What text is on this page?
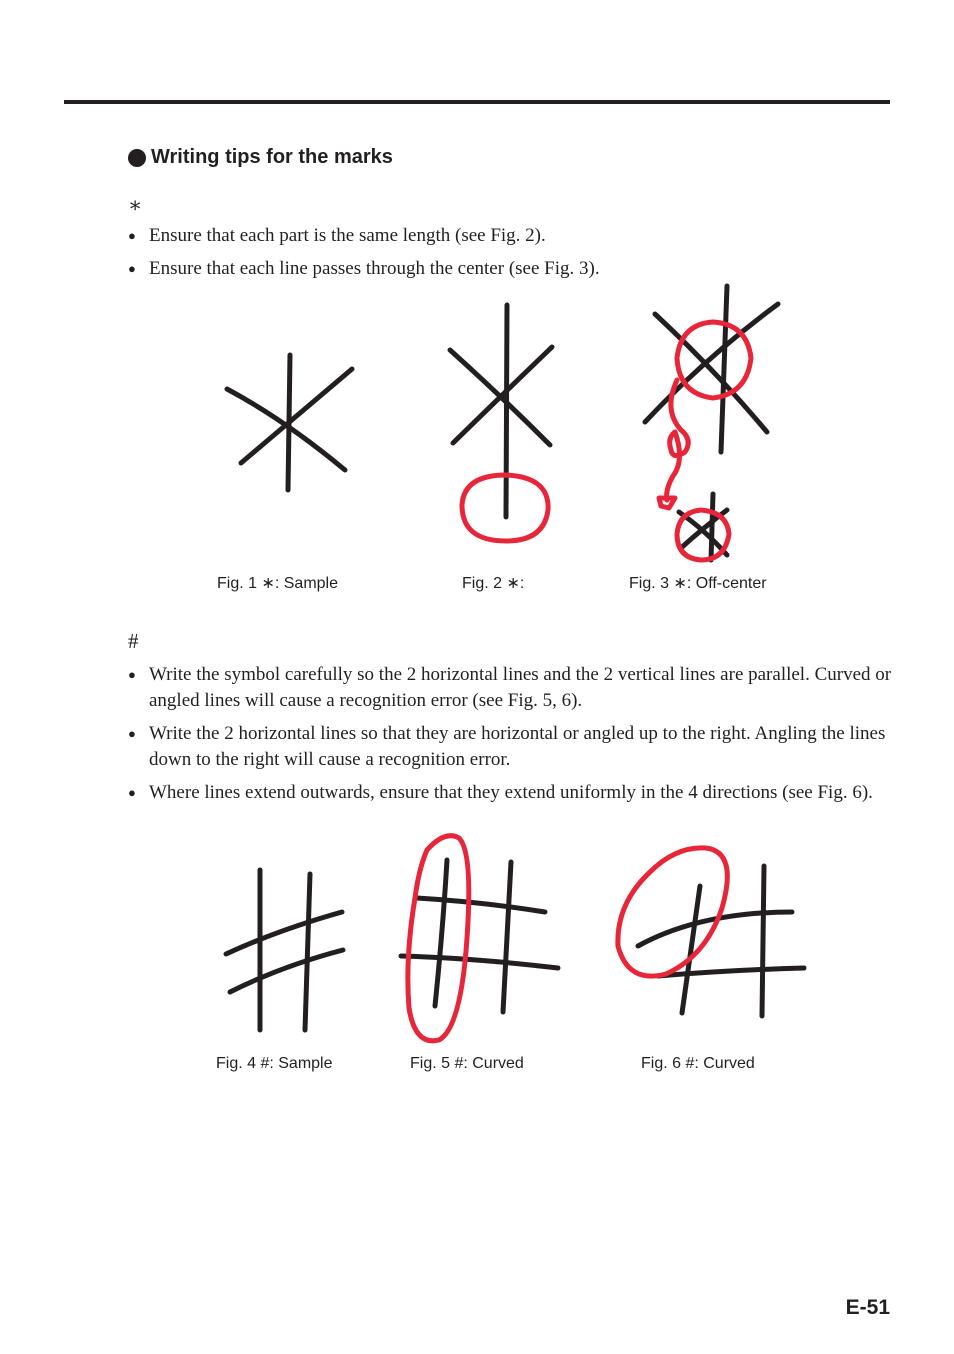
Writing tips for the marks
∗
● Ensure that each part is the same length (see Fig. 2).
● Ensure that each line passes through the center (see Fig. 3).
Fig. 1 ∗: Sample	Fig. 2 ∗:	Fig. 3 ∗: Off-center
#
● Write the symbol carefully so the 2 horizontal lines and the 2 vertical lines are parallel. Curved or angled lines will cause a recognition error (see Fig. 5, 6).
● Write the 2 horizontal lines so that they are horizontal or angled up to the right. Angling the lines down to the right will cause a recognition error.
● Where lines extend outwards, ensure that they extend uniformly in the 4 directions (see Fig. 6).
Fig. 4 #: Sample	Fig. 5 #: Curved	Fig. 6 #: Curved
E-51
